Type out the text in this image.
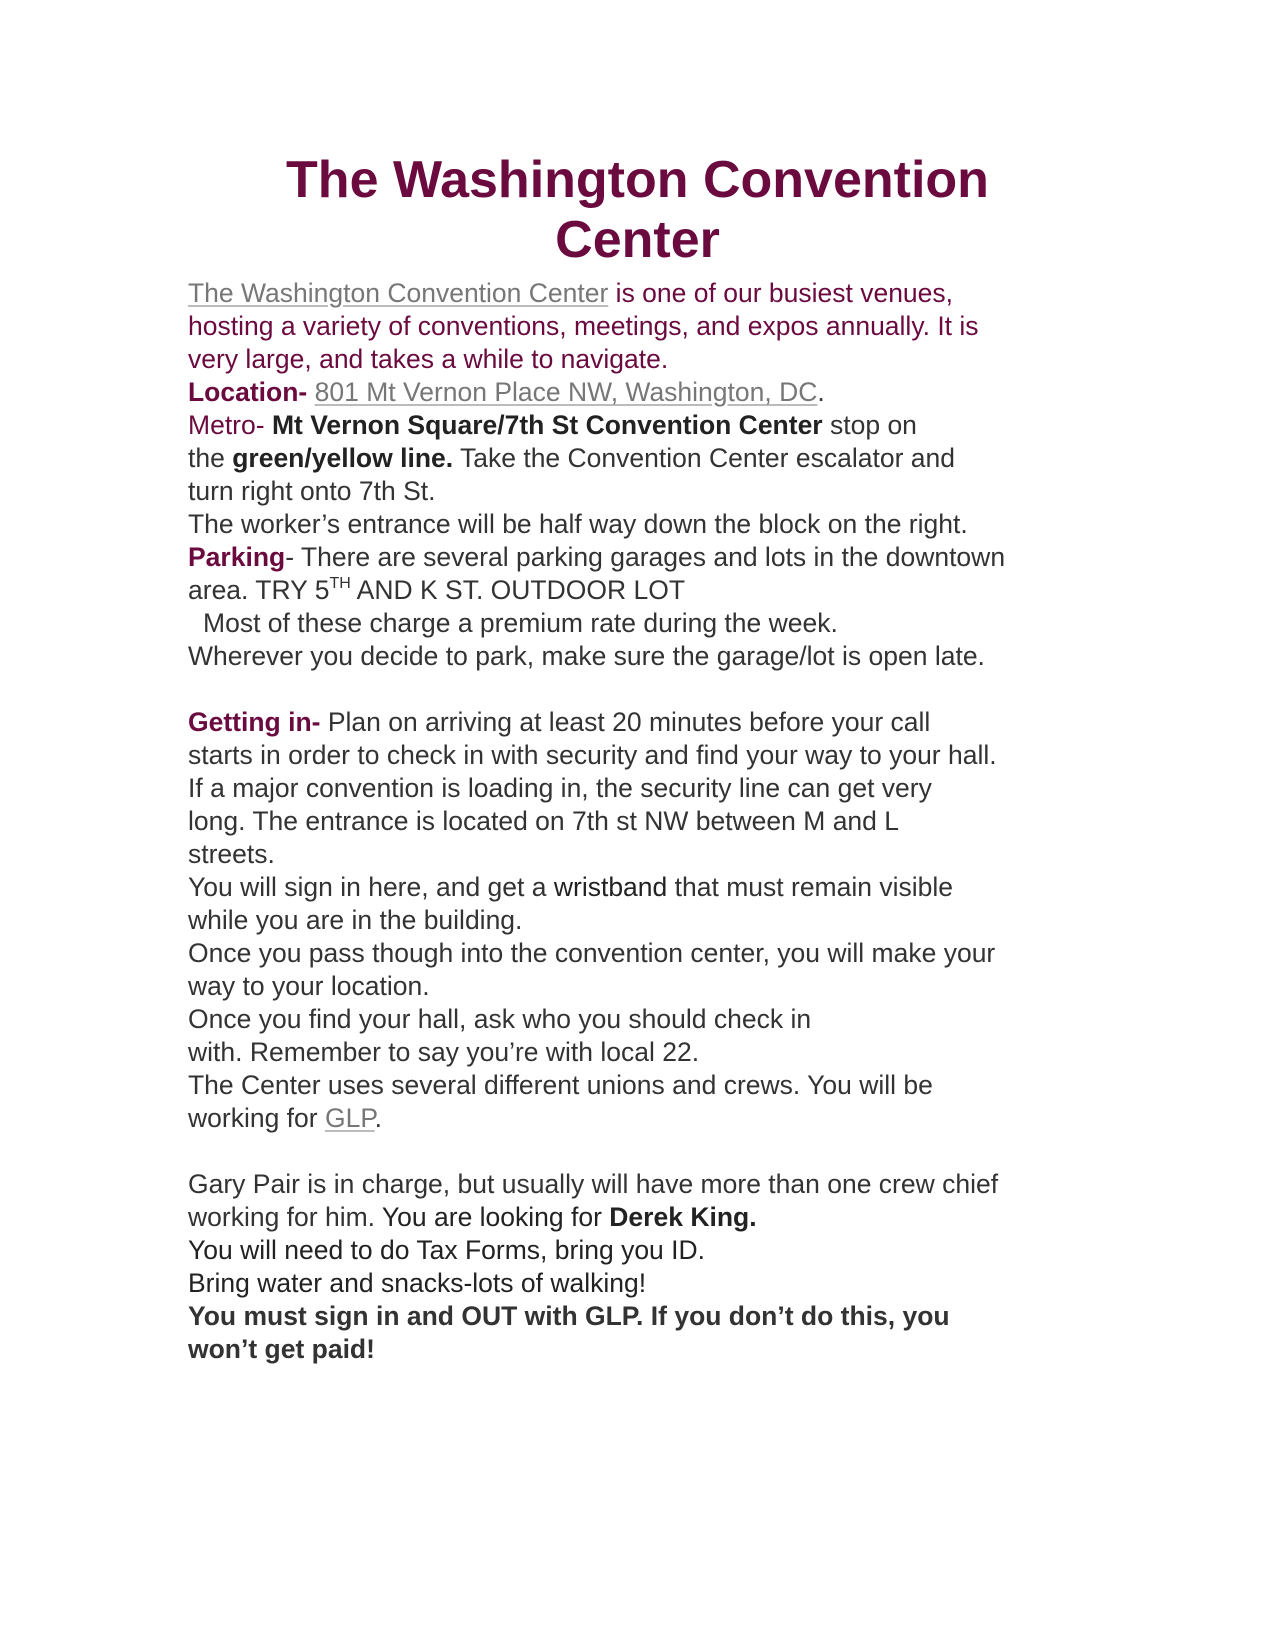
The Washington Convention
Center

The Washington Convention Center is one of our busiest venues,

hosting a variety of conventions, meetings, and expos annually. It is

very large, and takes a while to navigate.

Location- 801 Mt Vernon Place NW, Washington, DC.

Metro- Mt Vernon Square/7th St Convention Center stop on

the green/yellow line. Take the Convention Center escalator and

turn right onto 7th St.

The worker’s entrance will be half way down the block on the right.

Parking- There are several parking garages and lots in the downtown

area. TRY 5TH AND K ST. OUTDOOR LOT

Most of these charge a premium rate during the week.

Wherever you decide to park, make sure the garage/lot is open late.

Getting in- Plan on arriving at least 20 minutes before your call

starts in order to check in with security and find your way to your hall.

If a major convention is loading in, the security line can get very

long. The entrance is located on 7th st NW between M and L

streets.

You will sign in here, and get a wristband that must remain visible

while you are in the building.

Once you pass though into the convention center, you will make your

way to your location.

Once you find your hall, ask who you should check in

with. Remember to say you’re with local 22.

The Center uses several different unions and crews. You will be

working for GLP.

Gary Pair is in charge, but usually will have more than one crew chief

working for him. You are looking for Derek King.

You will need to do Tax Forms, bring you ID.

Bring water and snacks-lots of walking!

You must sign in and OUT with GLP. If you don’t do this, you

won’t get paid!
